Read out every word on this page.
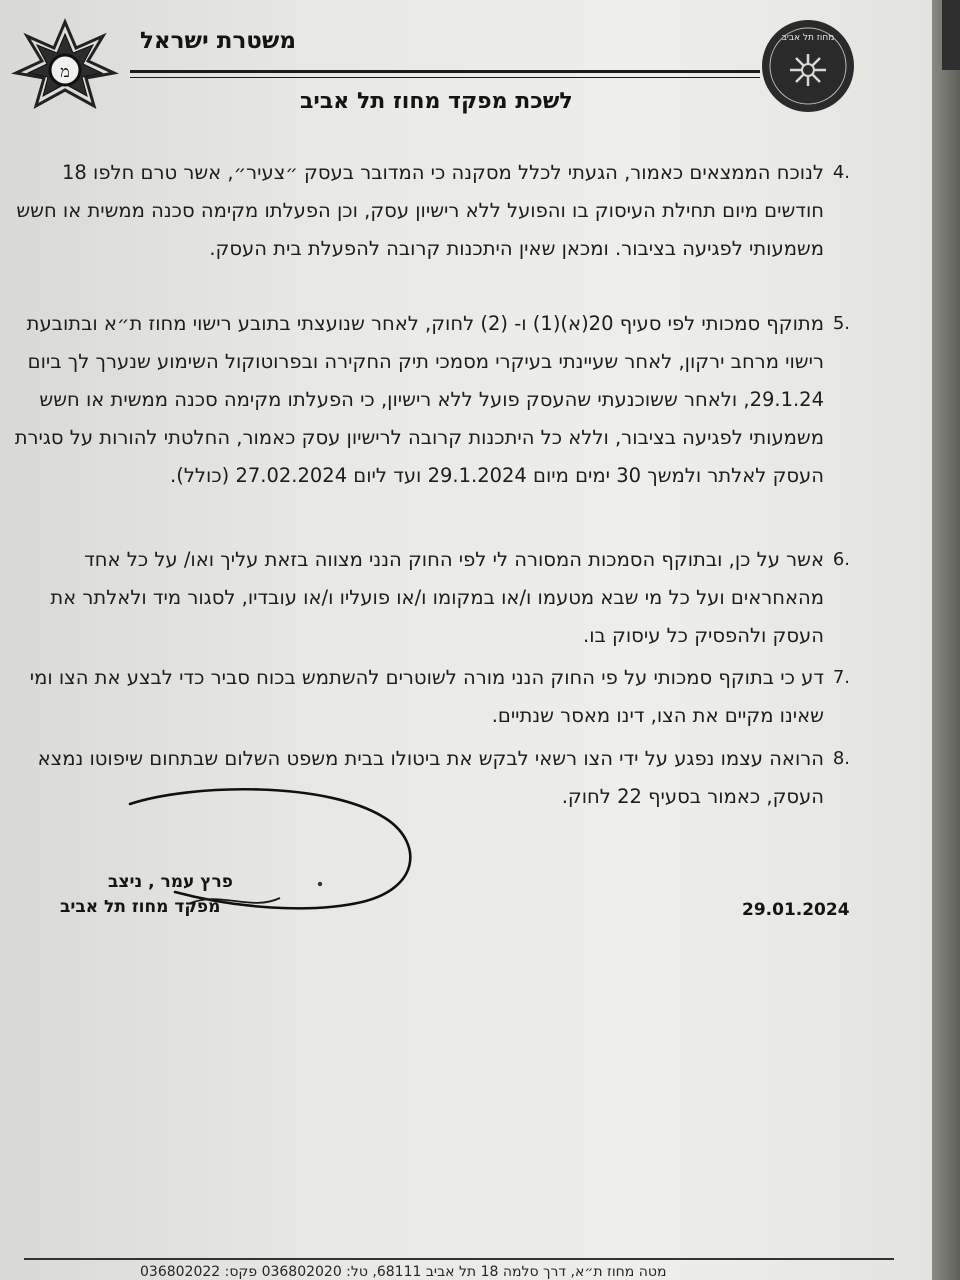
מ
משטרת ישראל
לשכת מפקד מחוז תל אביב
מחוז תל אביב
4.
לנוכח הממצאים כאמור, הגעתי לכלל מסקנה כי המדובר בעסק ״צעיר״, אשר טרם חלפו 18 חודשים מיום תחילת העיסוק בו והפועל ללא רישיון עסק, וכן הפעלתו מקימה סכנה ממשית או חשש משמעותי לפגיעה בציבור. ומכאן שאין היתכנות קרובה להפעלת בית העסק.
5.
מתוקף סמכותי לפי סעיף 20(א)(1) ו- (2) לחוק, לאחר שנועצתי בתובע רישוי מחוז ת״א ובתובעת רישוי מרחב ירקון, לאחר שעיינתי בעיקרי מסמכי תיק החקירה ובפרוטוקול השימוע שנערך לך ביום 29.1.24, ולאחר ששוכנעתי שהעסק פועל ללא רישיון, כי הפעלתו מקימה סכנה ממשית או חשש משמעותי לפגיעה בציבור, וללא כל היתכנות קרובה לרישיון עסק כאמור, החלטתי להורות על סגירת העסק לאלתר ולמשך 30 ימים מיום 29.1.2024 ועד ליום 27.02.2024 (כולל).
6.
אשר על כן, ובתוקף הסמכות המסורה לי לפי החוק הנני מצווה בזאת עליך ואו/ על כל אחד מהאחראים ועל כל מי שבא מטעמו ו/או במקומו ו/או פועליו ו/או עובדיו, לסגור מיד ולאלתר את העסק ולהפסיק כל עיסוק בו.
7.
דע כי בתוקף סמכותי על פי החוק הנני מורה לשוטרים להשתמש בכוח סביר כדי לבצע את הצו ומי שאינו מקיים את הצו, דינו מאסר שנתיים.
8.
הרואה עצמו נפגע על ידי הצו רשאי לבקש את ביטולו בבית משפט השלום שבתחום שיפוטו נמצא העסק, כאמור בסעיף 22 לחוק.
פרץ עמר , ניצב
מפקד מחוז תל אביב	29.01.2024
מטה מחוז ת״א, דרך סלמה 18 תל אביב 68111, טל: 036802020 פקס: 036802022
